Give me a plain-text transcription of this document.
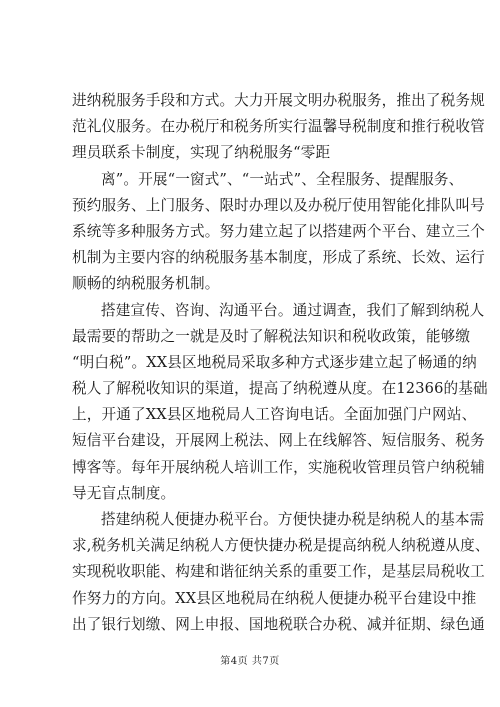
进纳税服务手段和方式。大力开展文明办税服务，推出了税务规
范礼仪服务。在办税厅和税务所实行温馨导税制度和推行税收管
理员联系卡制度，实现了纳税服务“零距
离”。开展“一窗式”、“一站式”、全程服务、提醒服务、
预约服务、上门服务、限时办理以及办税厅使用智能化排队叫号
系统等多种服务方式。努力建立起了以搭建两个平台、建立三个
机制为主要内容的纳税服务基本制度，形成了系统、长效、运行
顺畅的纳税服务机制。
搭建宣传、咨询、沟通平台。通过调查，我们了解到纳税人
最需要的帮助之一就是及时了解税法知识和税收政策，能够缴
“明白税”。XX县区地税局采取多种方式逐步建立起了畅通的纳
税人了解税收知识的渠道，提高了纳税遵从度。在12366的基础
上，开通了XX县区地税局人工咨询电话。全面加强门户网站、
短信平台建设，开展网上税法、网上在线解答、短信服务、税务
博客等。每年开展纳税人培训工作，实施税收管理员管户纳税辅
导无盲点制度。
搭建纳税人便捷办税平台。方便快捷办税是纳税人的基本需
求,税务机关满足纳税人方便快捷办税是提高纳税人纳税遵从度、
实现税收职能、构建和谐征纳关系的重要工作，是基层局税收工
作努力的方向。XX县区地税局在纳税人便捷办税平台建设中推
出了银行划缴、网上申报、国地税联合办税、减并征期、绿色通
第4页 共7页
